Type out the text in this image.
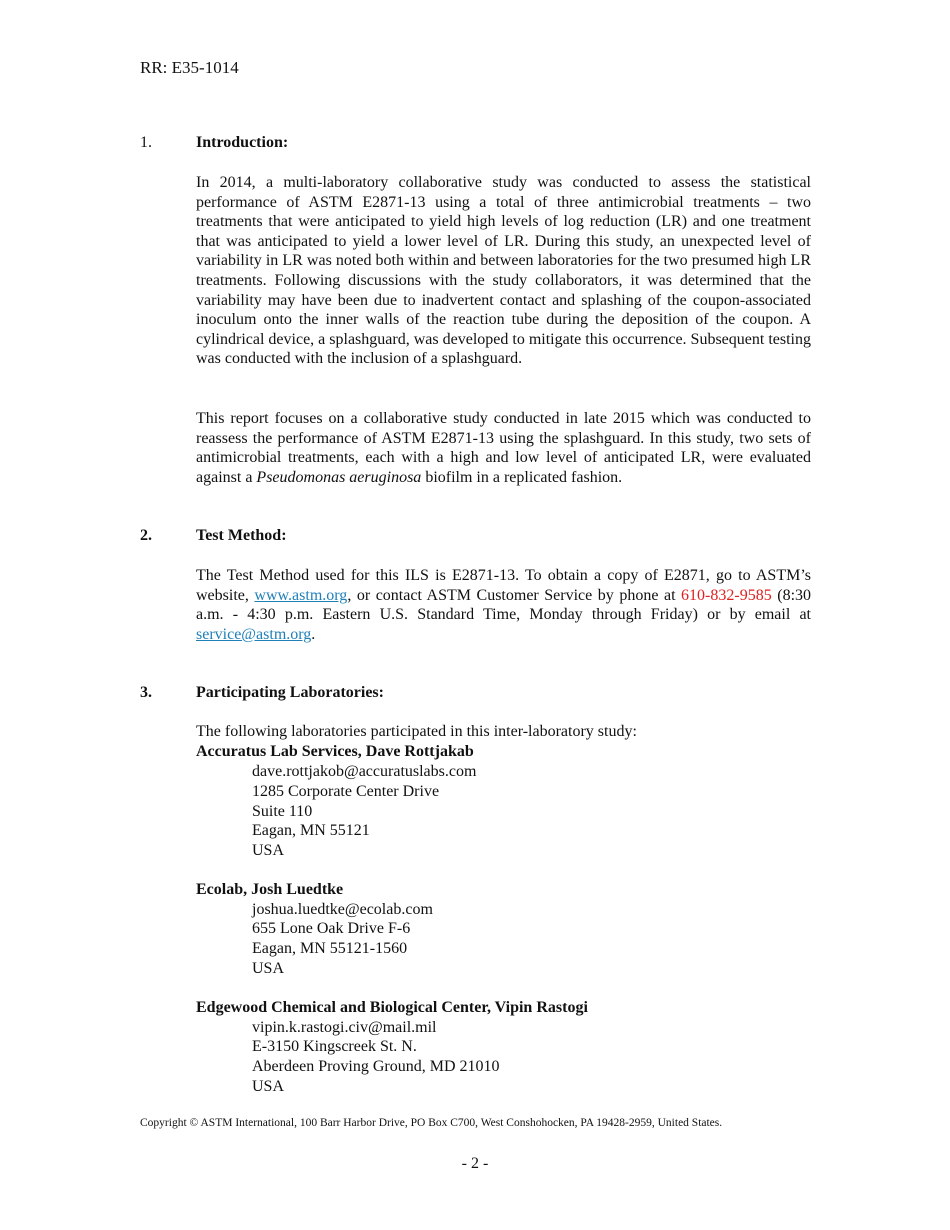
RR: E35-1014
1.	Introduction:

In 2014, a multi-laboratory collaborative study was conducted to assess the statistical performance of ASTM E2871-13 using a total of three antimicrobial treatments – two treatments that were anticipated to yield high levels of log reduction (LR) and one treatment that was anticipated to yield a lower level of LR. During this study, an unexpected level of variability in LR was noted both within and between laboratories for the two presumed high LR treatments. Following discussions with the study collaborators, it was determined that the variability may have been due to inadvertent contact and splashing of the coupon-associated inoculum onto the inner walls of the reaction tube during the deposition of the coupon. A cylindrical device, a splashguard, was developed to mitigate this occurrence. Subsequent testing was conducted with the inclusion of a splashguard.

This report focuses on a collaborative study conducted in late 2015 which was conducted to reassess the performance of ASTM E2871-13 using the splashguard. In this study, two sets of antimicrobial treatments, each with a high and low level of anticipated LR, were evaluated against a Pseudomonas aeruginosa biofilm in a replicated fashion.

2.	Test Method:

The Test Method used for this ILS is E2871-13. To obtain a copy of E2871, go to ASTM’s website, www.astm.org, or contact ASTM Customer Service by phone at 610-832-9585 (8:30 a.m. - 4:30 p.m. Eastern U.S. Standard Time, Monday through Friday) or by email at service@astm.org.

3.	Participating Laboratories:
The following laboratories participated in this inter-laboratory study:
Accuratus Lab Services, Dave Rottjakab
dave.rottjakob@accuratuslabs.com
1285 Corporate Center Drive
Suite 110
Eagan, MN 55121
USA
Ecolab, Josh Luedtke
joshua.luedtke@ecolab.com
655 Lone Oak Drive F-6
Eagan, MN 55121-1560
USA
Edgewood Chemical and Biological Center, Vipin Rastogi
vipin.k.rastogi.civ@mail.mil
E-3150 Kingscreek St. N.
Aberdeen Proving Ground, MD 21010
USA
Copyright © ASTM International, 100 Barr Harbor Drive, PO Box C700, West Conshohocken, PA 19428-2959, United States.
- 2 -
